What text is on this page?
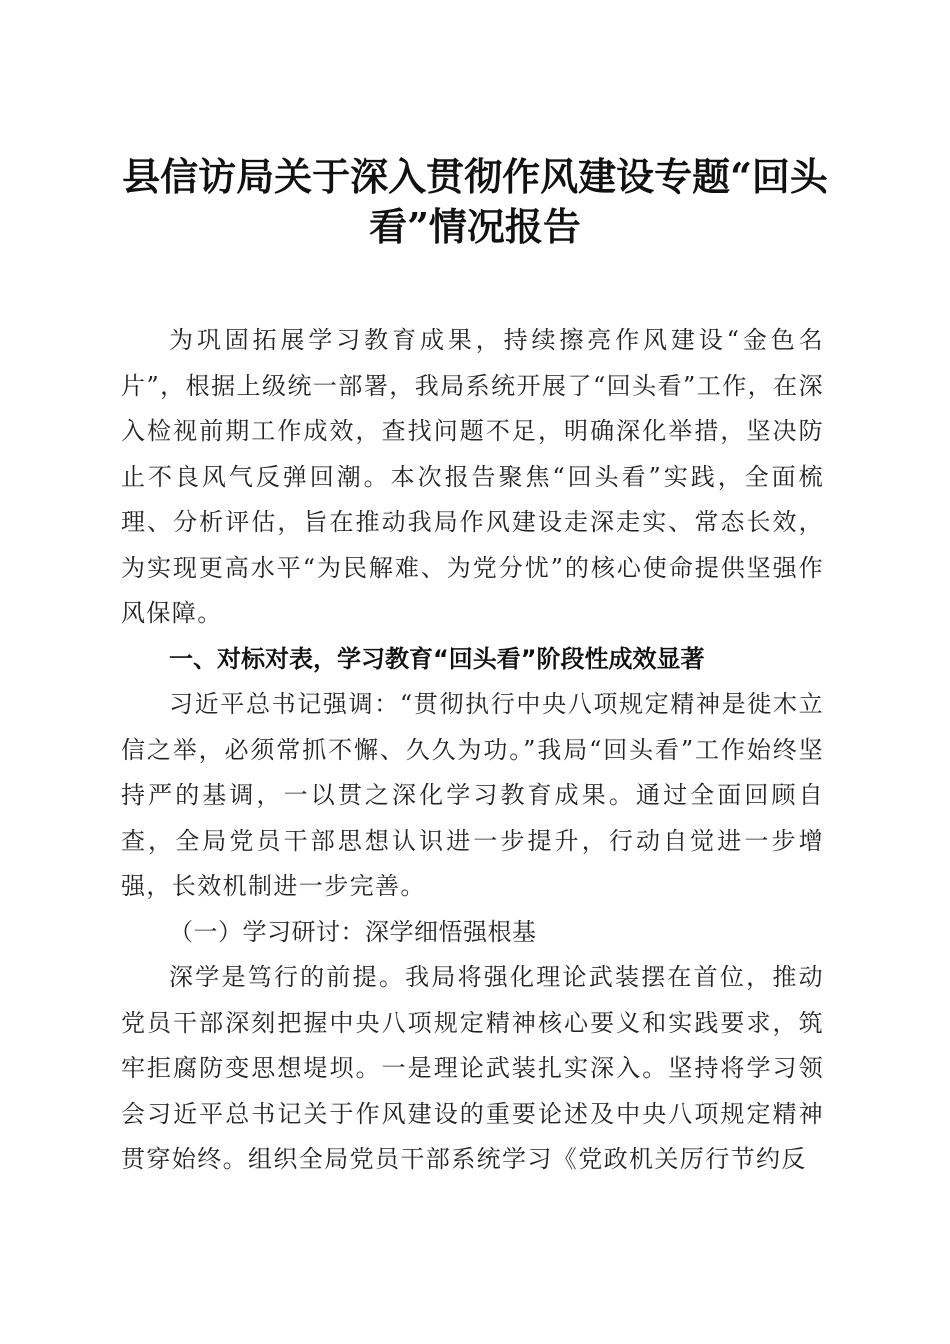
县信访局关于深入贯彻作风建设专题“回头看”情况报告

为巩固拓展学习教育成果，持续擦亮作风建设“金色名片”，根据上级统一部署，我局系统开展了“回头看”工作，在深入检视前期工作成效，查找问题不足，明确深化举措，坚决防止不良风气反弹回潮。本次报告聚焦“回头看”实践，全面梳理、分析评估，旨在推动我局作风建设走深走实、常态长效，为实现更高水平“为民解难、为党分忧”的核心使命提供坚强作风保障。

一、对标对表，学习教育“回头看”阶段性成效显著

习近平总书记强调：“贯彻执行中央八项规定精神是徙木立信之举，必须常抓不懈、久久为功。”我局“回头看”工作始终坚持严的基调，一以贯之深化学习教育成果。通过全面回顾自查，全局党员干部思想认识进一步提升，行动自觉进一步增强，长效机制进一步完善。

（一）学习研讨：深学细悟强根基

深学是笃行的前提。我局将强化理论武装摆在首位，推动党员干部深刻把握中央八项规定精神核心要义和实践要求，筑牢拒腐防变思想堤坝。一是理论武装扎实深入。坚持将学习领会习近平总书记关于作风建设的重要论述及中央八项规定精神贯穿始终。组织全局党员干部系统学习《党政机关厉行节约反
